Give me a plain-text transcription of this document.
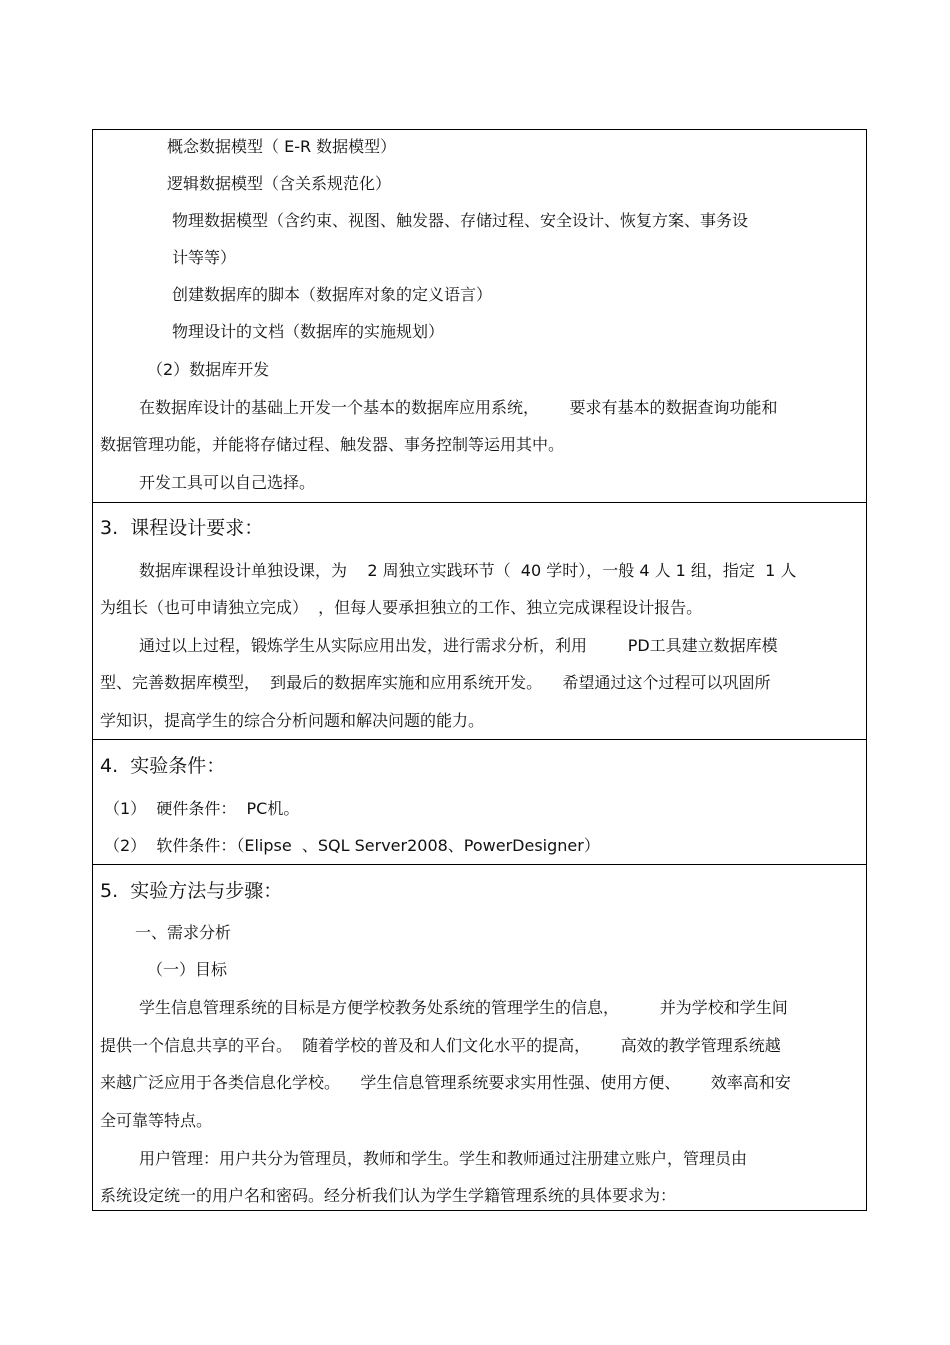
概念数据模型（ E-R 数据模型）
逻辑数据模型（含关系规范化）
物理数据模型（含约束、视图、触发器、存储过程、安全设计、恢复方案、事务设
计等等）
创建数据库的脚本（数据库对象的定义语言）
物理设计的文档（数据库的实施规划）
（2）数据库开发
在数据库设计的基础上开发一个基本的数据库应用系统，      要求有基本的数据查询功能和
数据管理功能，并能将存储过程、触发器、事务控制等运用其中。
开发工具可以自己选择。
3.  课程设计要求：
数据库课程设计单独设课，为    2 周独立实践环节（  40 学时），一般 4 人 1 组，指定  1 人
为组长（也可申请独立完成）  ，但每人要承担独立的工作、独立完成课程设计报告。
通过以上过程，锻炼学生从实际应用出发，进行需求分析，利用        PD工具建立数据库模
型、完善数据库模型，  到最后的数据库实施和应用系统开发。    希望通过这个过程可以巩固所
学知识，提高学生的综合分析问题和解决问题的能力。
4.  实验条件：
（1）  硬件条件：  PC机。
（2）  软件条件：（Elipse  、SQL Server2008、PowerDesigner）
5.  实验方法与步骤：
一、需求分析
（一）目标
学生信息管理系统的目标是方便学校教务处系统的管理学生的信息，        并为学校和学生间
提供一个信息共享的平台。  随着学校的普及和人们文化水平的提高，      高效的教学管理系统越
来越广泛应用于各类信息化学校。    学生信息管理系统要求实用性强、使用方便、      效率高和安
全可靠等特点。
用户管理：用户共分为管理员，教师和学生。学生和教师通过注册建立账户，管理员由
系统设定统一的用户名和密码。经分析我们认为学生学籍管理系统的具体要求为：
